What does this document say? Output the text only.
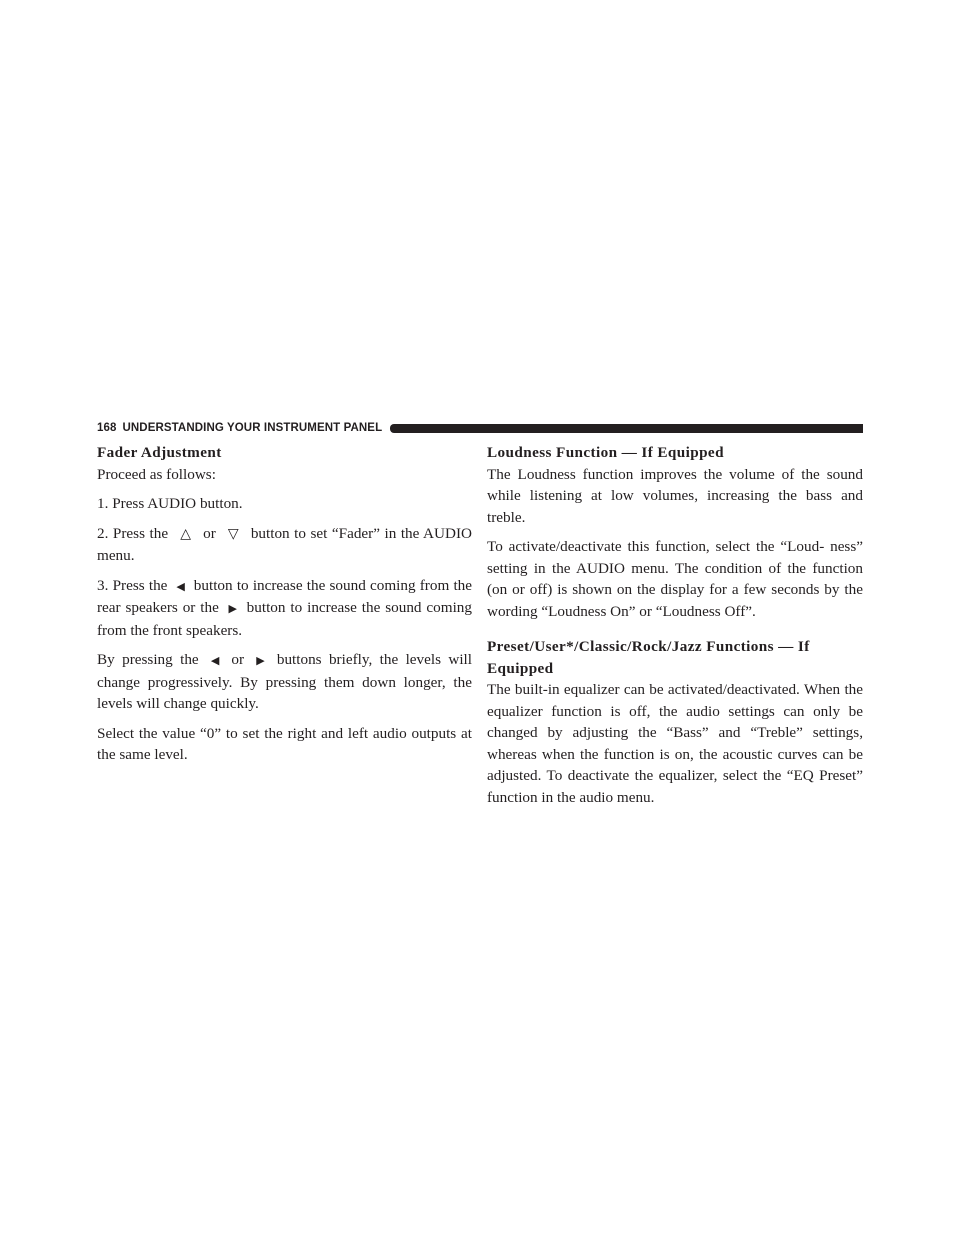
168 UNDERSTANDING YOUR INSTRUMENT PANEL
Fader Adjustment

Proceed as follows:

1. Press AUDIO button.

2. Press the △ or ▽ button to set “Fader” in the AUDIO menu.

3. Press the ◀ button to increase the sound coming from the rear speakers or the ▶ button to increase the sound coming from the front speakers.

By pressing the ◀ or ▶ buttons briefly, the levels will change progressively. By pressing them down longer, the levels will change quickly.

Select the value “0” to set the right and left audio outputs at the same level.

Loudness Function — If Equipped

The Loudness function improves the volume of the sound while listening at low volumes, increasing the bass and treble.

To activate/deactivate this function, select the “Loud- ness” setting in the AUDIO menu. The condition of the function (on or off) is shown on the display for a few seconds by the wording “Loudness On” or “Loudness Off”.

Preset/User*/Classic/Rock/Jazz Functions — If Equipped

The built-in equalizer can be activated/deactivated. When the equalizer function is off, the audio settings can only be changed by adjusting the “Bass” and “Treble” settings, whereas when the function is on, the acoustic curves can be adjusted. To deactivate the equalizer, select the “EQ Preset” function in the audio menu.
